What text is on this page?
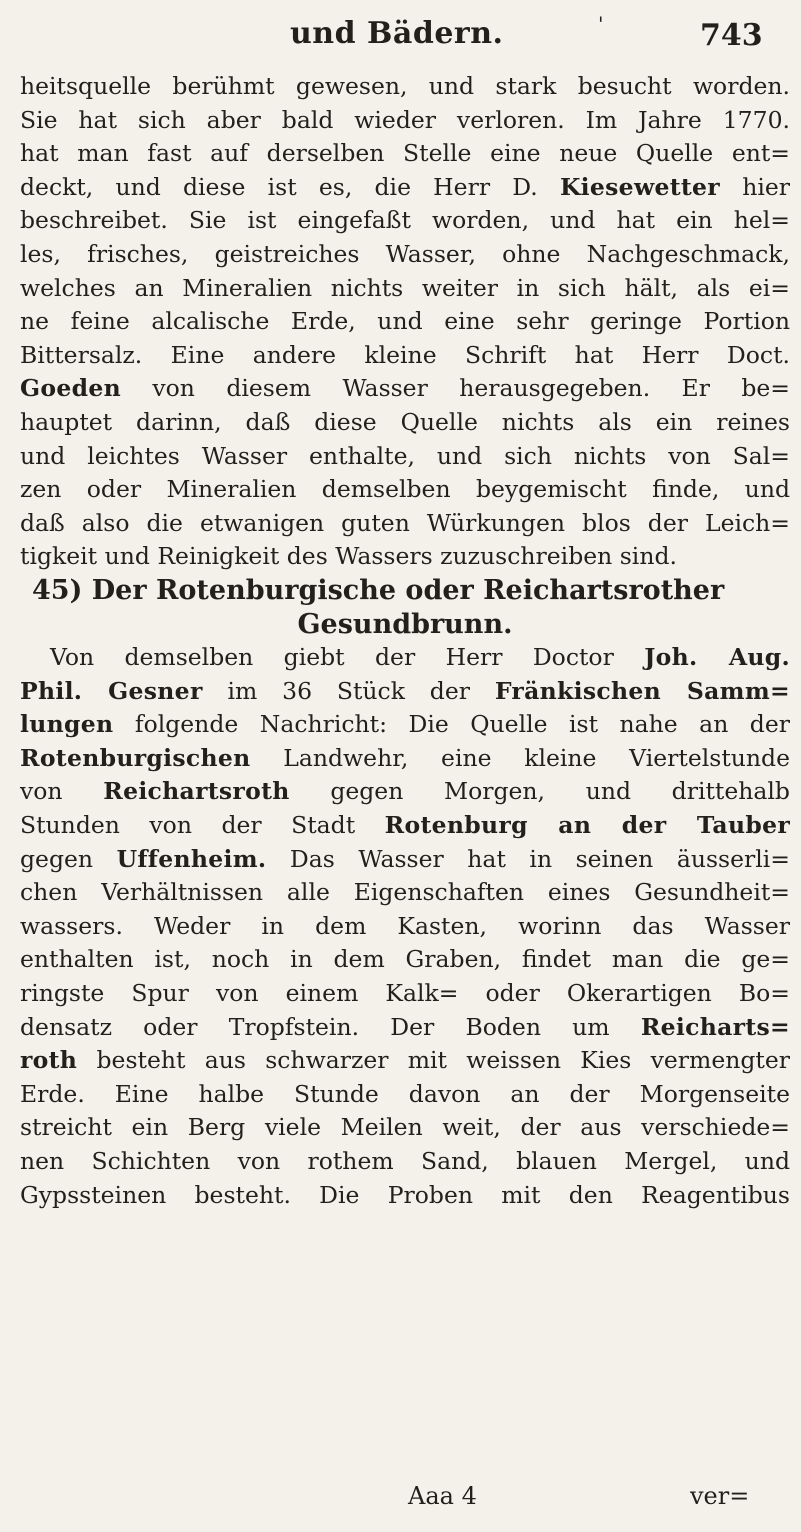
und Bädern.	'	743
heitsquelle berühmt gewesen, und stark besucht worden.
Sie hat sich aber bald wieder verloren. Im Jahre 1770.
hat man fast auf derselben Stelle eine neue Quelle ent=
deckt, und diese ist es, die Herr D. Kiesewetter hier
beschreibet. Sie ist eingefaßt worden, und hat ein hel=
les, frisches, geistreiches Wasser, ohne Nachgeschmack,
welches an Mineralien nichts weiter in sich hält, als ei=
ne feine alcalische Erde, und eine sehr geringe Portion
Bittersalz. Eine andere kleine Schrift hat Herr Doct.
Goeden von diesem Wasser herausgegeben. Er be=
hauptet darinn, daß diese Quelle nichts als ein reines
und leichtes Wasser enthalte, und sich nichts von Sal=
zen oder Mineralien demselben beygemischt finde, und
daß also die etwanigen guten Würkungen blos der Leich=
tigkeit und Reinigkeit des Wassers zuzuschreiben sind.
45) Der Rotenburgische oder Reichartsrother
Gesundbrunn.
Von demselben giebt der Herr Doctor Joh. Aug.
Phil. Gesner im 36 Stück der Fränkischen Samm=
lungen folgende Nachricht: Die Quelle ist nahe an der
Rotenburgischen Landwehr, eine kleine Viertelstunde
von Reichartsroth gegen Morgen, und drittehalb
Stunden von der Stadt Rotenburg an der Tauber
gegen Uffenheim. Das Wasser hat in seinen äusserli=
chen Verhältnissen alle Eigenschaften eines Gesundheit=
wassers. Weder in dem Kasten, worinn das Wasser
enthalten ist, noch in dem Graben, findet man die ge=
ringste Spur von einem Kalk= oder Okerartigen Bo=
densatz oder Tropfstein. Der Boden um Reicharts=
roth besteht aus schwarzer mit weissen Kies vermengter
Erde. Eine halbe Stunde davon an der Morgenseite
streicht ein Berg viele Meilen weit, der aus verschiede=
nen Schichten von rothem Sand, blauen Mergel, und
Gypssteinen besteht. Die Proben mit den Reagentibus
Aaa 4	ver=
